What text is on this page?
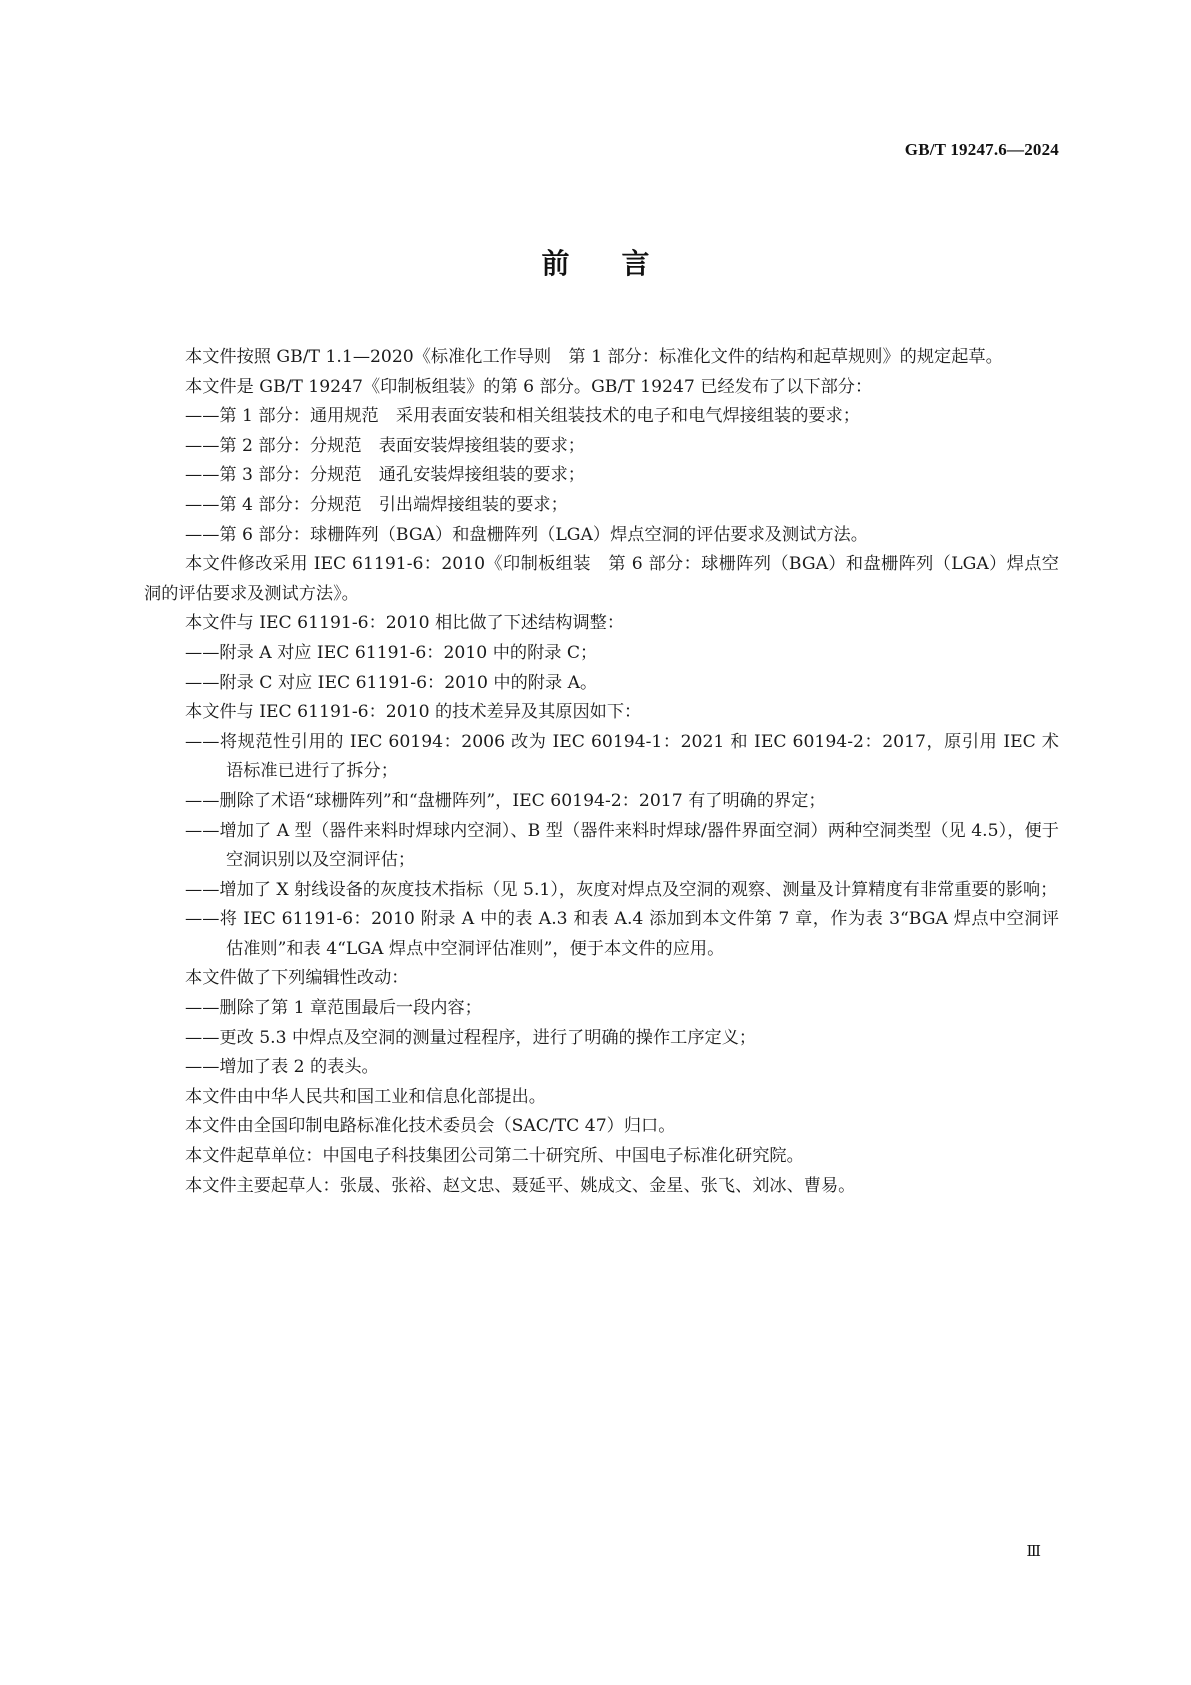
GB/T 19247.6—2024
前言

本文件按照 GB/T 1.1—2020《标准化工作导则　第 1 部分：标准化文件的结构和起草规则》的规定起草。

本文件是 GB/T 19247《印制板组装》的第 6 部分。GB/T 19247 已经发布了以下部分：

——第 1 部分：通用规范　采用表面安装和相关组装技术的电子和电气焊接组装的要求；

——第 2 部分：分规范　表面安装焊接组装的要求；

——第 3 部分：分规范　通孔安装焊接组装的要求；

——第 4 部分：分规范　引出端焊接组装的要求；

——第 6 部分：球栅阵列（BGA）和盘栅阵列（LGA）焊点空洞的评估要求及测试方法。

本文件修改采用 IEC 61191-6：2010《印制板组装　第 6 部分：球栅阵列（BGA）和盘栅阵列（LGA）焊点空洞的评估要求及测试方法》。

本文件与 IEC 61191-6：2010 相比做了下述结构调整：

——附录 A 对应 IEC 61191-6：2010 中的附录 C；

——附录 C 对应 IEC 61191-6：2010 中的附录 A。

本文件与 IEC 61191-6：2010 的技术差异及其原因如下：

——将规范性引用的 IEC 60194：2006 改为 IEC 60194-1：2021 和 IEC 60194-2：2017，原引用 IEC 术语标准已进行了拆分；

——删除了术语“球栅阵列”和“盘栅阵列”，IEC 60194-2：2017 有了明确的界定；

——增加了 A 型（器件来料时焊球内空洞）、B 型（器件来料时焊球/器件界面空洞）两种空洞类型（见 4.5），便于空洞识别以及空洞评估；

——增加了 X 射线设备的灰度技术指标（见 5.1），灰度对焊点及空洞的观察、测量及计算精度有非常重要的影响；

——将 IEC 61191-6：2010 附录 A 中的表 A.3 和表 A.4 添加到本文件第 7 章，作为表 3“BGA 焊点中空洞评估准则”和表 4“LGA 焊点中空洞评估准则”，便于本文件的应用。

本文件做了下列编辑性改动：

——删除了第 1 章范围最后一段内容；

——更改 5.3 中焊点及空洞的测量过程程序，进行了明确的操作工序定义；

——增加了表 2 的表头。

本文件由中华人民共和国工业和信息化部提出。

本文件由全国印制电路标准化技术委员会（SAC/TC 47）归口。

本文件起草单位：中国电子科技集团公司第二十研究所、中国电子标准化研究院。

本文件主要起草人：张晟、张裕、赵文忠、聂延平、姚成文、金星、张飞、刘冰、曹易。

Ⅲ
